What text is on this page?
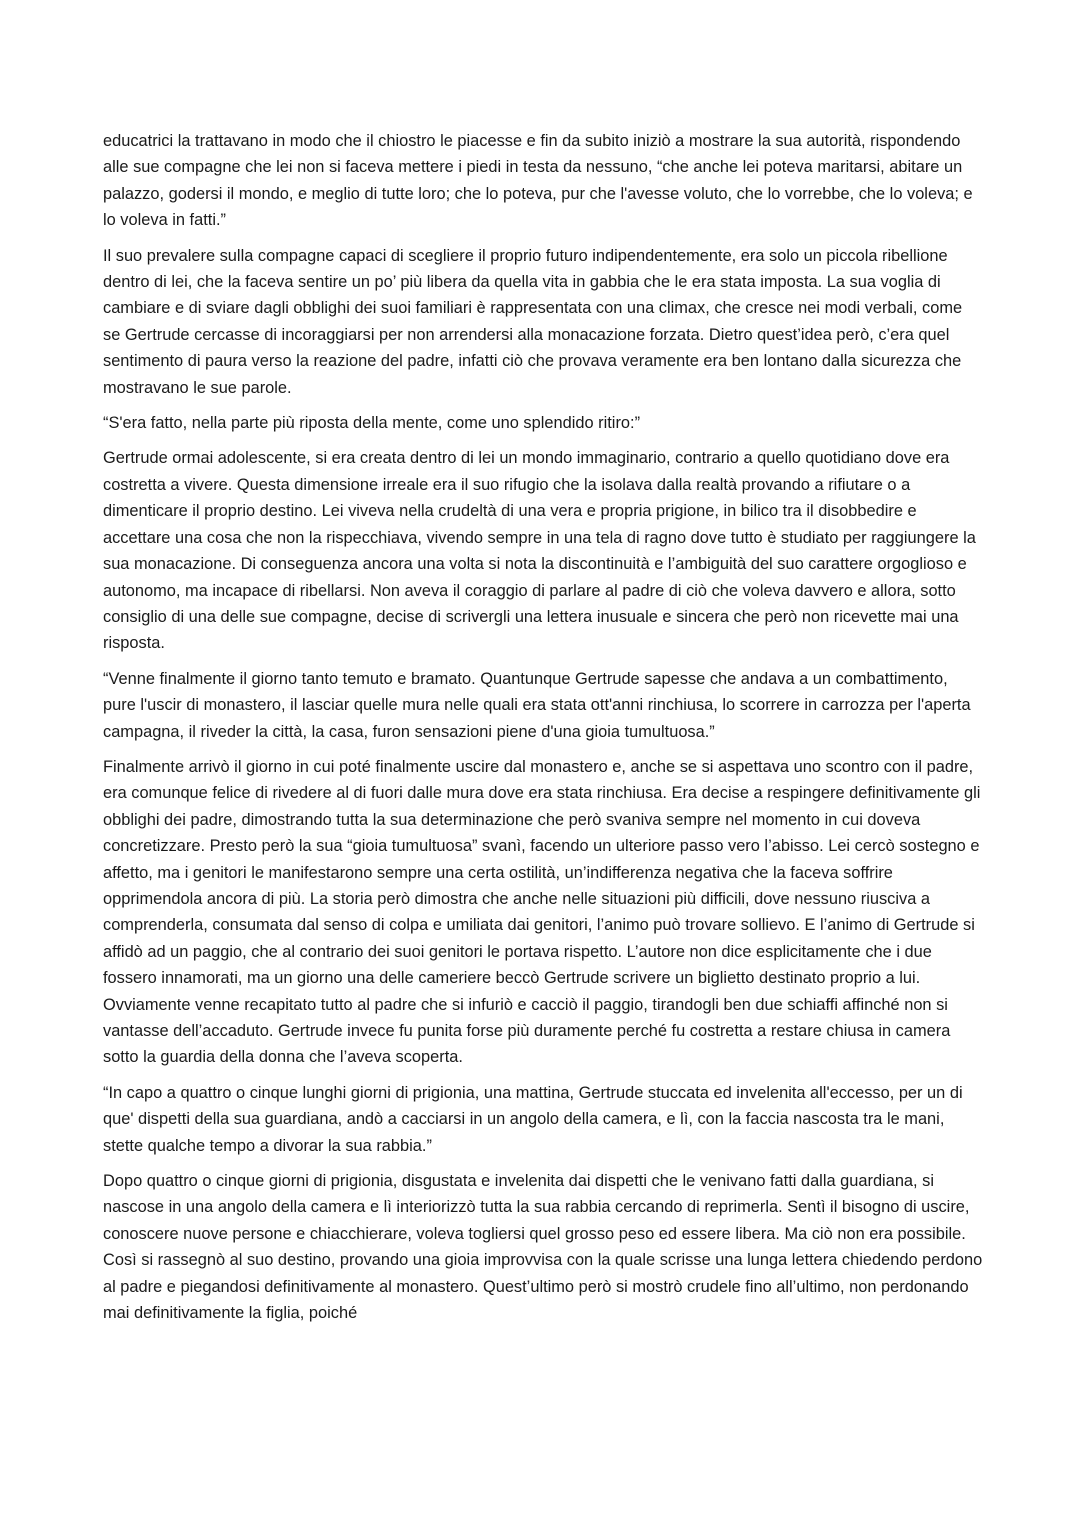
educatrici la trattavano in modo che il chiostro le piacesse e fin da subito iniziò a mostrare la sua autorità, rispondendo alle sue compagne che lei non si faceva mettere i piedi in testa da nessuno, “che anche lei poteva maritarsi, abitare un palazzo, godersi il mondo, e meglio di tutte loro; che lo poteva, pur che l'avesse voluto, che lo vorrebbe, che lo voleva; e lo voleva in fatti.”

Il suo prevalere sulla compagne capaci di scegliere il proprio futuro indipendentemente, era solo un piccola ribellione dentro di lei, che la faceva sentire un po’ più libera da quella vita in gabbia che le era stata imposta. La sua voglia di cambiare e di sviare dagli obblighi dei suoi familiari è rappresentata con una climax, che cresce nei modi verbali, come se Gertrude cercasse di incoraggiarsi per non arrendersi alla monacazione forzata. Dietro quest’idea però, c’era quel sentimento di paura verso la reazione del padre, infatti ciò che provava veramente era ben lontano dalla sicurezza che mostravano le sue parole.

“S'era fatto, nella parte più riposta della mente, come uno splendido ritiro:”

Gertrude ormai adolescente, si era creata dentro di lei un mondo immaginario, contrario a quello quotidiano dove era costretta a vivere. Questa dimensione irreale era il suo rifugio che la isolava dalla realtà provando a rifiutare o a dimenticare il proprio destino. Lei viveva nella crudeltà di una vera e propria prigione, in bilico tra il disobbedire e accettare una cosa che non la rispecchiava, vivendo sempre in una tela di ragno dove tutto è studiato per raggiungere la sua monacazione. Di conseguenza ancora una volta si nota la discontinuità e l’ambiguità del suo carattere orgoglioso e autonomo, ma incapace di ribellarsi. Non aveva il coraggio di parlare al padre di ciò che voleva davvero e allora, sotto consiglio di una delle sue compagne, decise di scrivergli una lettera inusuale e sincera che però non ricevette mai una risposta.

“Venne finalmente il giorno tanto temuto e bramato. Quantunque Gertrude sapesse che andava a un combattimento, pure l'uscir di monastero, il lasciar quelle mura nelle quali era stata ott'anni rinchiusa, lo scorrere in carrozza per l'aperta campagna, il riveder la città, la casa, furon sensazioni piene d'una gioia tumultuosa.”

Finalmente arrivò il giorno in cui poté finalmente uscire dal monastero e, anche se si aspettava uno scontro con il padre, era comunque felice di rivedere al di fuori dalle mura dove era stata rinchiusa. Era decise a respingere definitivamente gli obblighi dei padre, dimostrando tutta la sua determinazione che però svaniva sempre nel momento in cui doveva concretizzare. Presto però la sua “gioia tumultuosa” svanì, facendo un ulteriore passo vero l’abisso. Lei cercò sostegno e affetto, ma i genitori le manifestarono sempre una certa ostilità, un’indifferenza negativa che la faceva soffrire opprimendola ancora di più. La storia però dimostra che anche nelle situazioni più difficili, dove nessuno riusciva a comprenderla, consumata dal senso di colpa e umiliata dai genitori, l’animo può trovare sollievo. E l’animo di Gertrude si affidò ad un paggio, che al contrario dei suoi genitori le portava rispetto. L’autore non dice esplicitamente che i due fossero innamorati, ma un giorno una delle cameriere beccò Gertrude scrivere un biglietto destinato proprio a lui. Ovviamente venne recapitato tutto al padre che si infuriò e cacciò il paggio, tirandogli ben due schiaffi affinché non si vantasse dell’accaduto. Gertrude invece fu punita forse più duramente perché fu costretta a restare chiusa in camera sotto la guardia della donna che l’aveva scoperta.

“In capo a quattro o cinque lunghi giorni di prigionia, una mattina, Gertrude stuccata ed invelenita all'eccesso, per un di que' dispetti della sua guardiana, andò a cacciarsi in un angolo della camera, e lì, con la faccia nascosta tra le mani, stette qualche tempo a divorar la sua rabbia.”

Dopo quattro o cinque giorni di prigionia, disgustata e invelenita dai dispetti che le venivano fatti dalla guardiana, si nascose in una angolo della camera e lì interiorizzò tutta la sua rabbia cercando di reprimerla. Sentì il bisogno di uscire, conoscere nuove persone e chiacchierare, voleva togliersi quel grosso peso ed essere libera. Ma ciò non era possibile. Così si rassegnò al suo destino, provando una gioia improvvisa con la quale scrisse una lunga lettera chiedendo perdono al padre e piegandosi definitivamente al monastero. Quest’ultimo però si mostrò crudele fino all’ultimo, non perdonando mai definitivamente la figlia, poiché
